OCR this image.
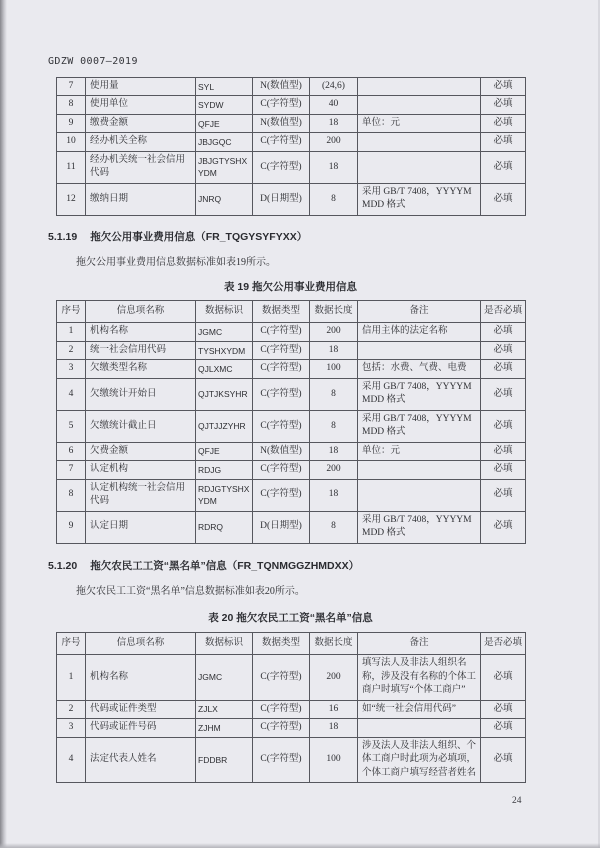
GDZW 0007—2019
7	使用量	SYL	N(数值型)	(24,6)		必填
8	使用单位	SYDW	C(字符型)	40		必填
9	缴费金额	QFJE	N(数值型)	18	单位：元	必填
10	经办机关全称	JBJGQC	C(字符型)	200		必填
11	经办机关统一社会信用代码	JBJGTYSHXYDM	C(字符型)	18		必填
12	缴纳日期	JNRQ	D(日期型)	8	采用 GB/T 7408，YYYYMMDD 格式	必填
5.1.19 拖欠公用事业费用信息（FR_TQGYSYFYXX）

拖欠公用事业费用信息数据标准如表19所示。

表 19 拖欠公用事业费用信息
序号	信息项名称	数据标识	数据类型	数据长度	备注	是否必填
1	机构名称	JGMC	C(字符型)	200	信用主体的法定名称	必填
2	统一社会信用代码	TYSHXYDM	C(字符型)	18		必填
3	欠缴类型名称	QJLXMC	C(字符型)	100	包括：水费、气费、电费	必填
4	欠缴统计开始日	QJTJKSYHR	C(字符型)	8	采用 GB/T 7408，YYYYMMDD 格式	必填
5	欠缴统计截止日	QJTJJZYHR	C(字符型)	8	采用 GB/T 7408，YYYYMMDD 格式	必填
6	欠费金额	QFJE	N(数值型)	18	单位：元	必填
7	认定机构	RDJG	C(字符型)	200		必填
8	认定机构统一社会信用代码	RDJGTYSHXYDM	C(字符型)	18		必填
9	认定日期	RDRQ	D(日期型)	8	采用 GB/T 7408，YYYYMMDD 格式	必填
5.1.20 拖欠农民工工资“黑名单”信息（FR_TQNMGGZHMDXX）

拖欠农民工工资“黑名单”信息数据标准如表20所示。

表 20 拖欠农民工工资“黑名单”信息
序号	信息项名称	数据标识	数据类型	数据长度	备注	是否必填
1	机构名称	JGMC	C(字符型)	200	填写法人及非法人组织名称，涉及没有名称的个体工商户时填写“个体工商户”	必填
2	代码或证件类型	ZJLX	C(字符型)	16	如“统一社会信用代码”	必填
3	代码或证件号码	ZJHM	C(字符型)	18		必填
4	法定代表人姓名	FDDBR	C(字符型)	100	涉及法人及非法人组织、个体工商户时此项为必填项，个体工商户填写经营者姓名	必填
24
